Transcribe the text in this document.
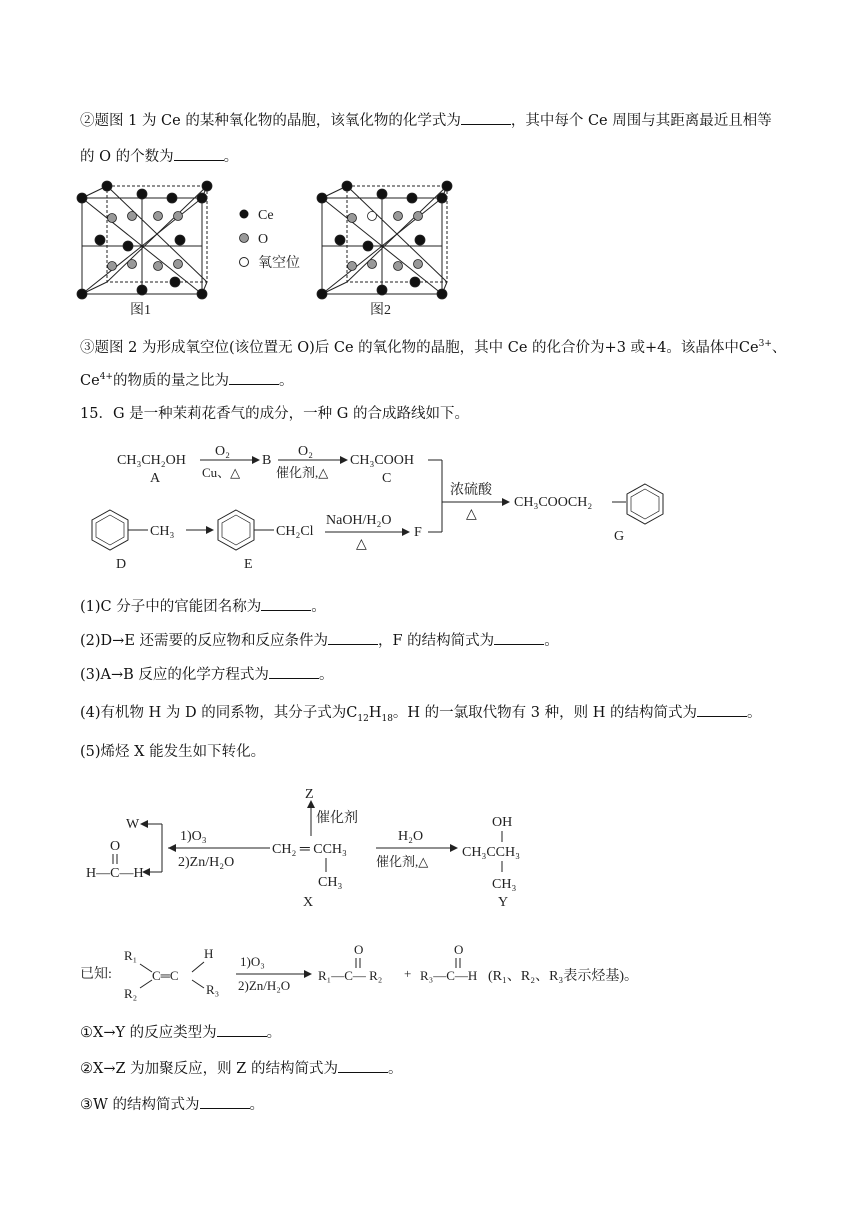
②题图 1 为 Ce 的某种氧化物的晶胞，该氧化物的化学式为	，其中每个 Ce 周围与其距离最近且相等
的 O 的个数为	。
图1
Ce
O
氧空位
图2
③题图 2 为形成氧空位(该位置无 O)后 Ce 的氧化物的晶胞，其中 Ce 的化合价为+3 或+4。该晶体中$Ce^{3+}$、
$Ce^{4+}$的物质的量之比为	。
15．G 是一种茉莉花香气的成分，一种 G 的合成路线如下。
CH₃CH₂OH
A
O₂
Cu、△
B
O₂
催化剂,△
CH₃COOH
C
浓硫酸
△
CH₃COOCH₂
G
CH₃
D
CH₂Cl
E
NaOH/H₂O
△
F
(1)C 分子中的官能团名称为	。
(2)D→E 还需要的反应物和反应条件为	，F 的结构简式为	。
(3)A→B 反应的化学方程式为	。
(4)有机物 H 为 D 的同系物，其分子式为$C_{12}H_{18}$。H 的一氯取代物有 3 种，则 H 的结构简式为	。
(5)烯烃 X 能发生如下转化。
Z
催化剂
W
1)O₃
2)Zn/H₂O
O
H—C—H
CH₂ ═ CCH₃
CH₃
X
H₂O
催化剂,△
OH
CH₃CCH₃
CH₃
Y
已知:
R₁
R₂
C═C
H
R₃
1)O₃
2)Zn/H₂O
O
R₁—C— R₂ +
O
R₃—C—H (R₁、R₂、R₃表示烃基)。
①X→Y 的反应类型为	。
②X→Z 为加聚反应，则 Z 的结构简式为	。
③W 的结构简式为	。
